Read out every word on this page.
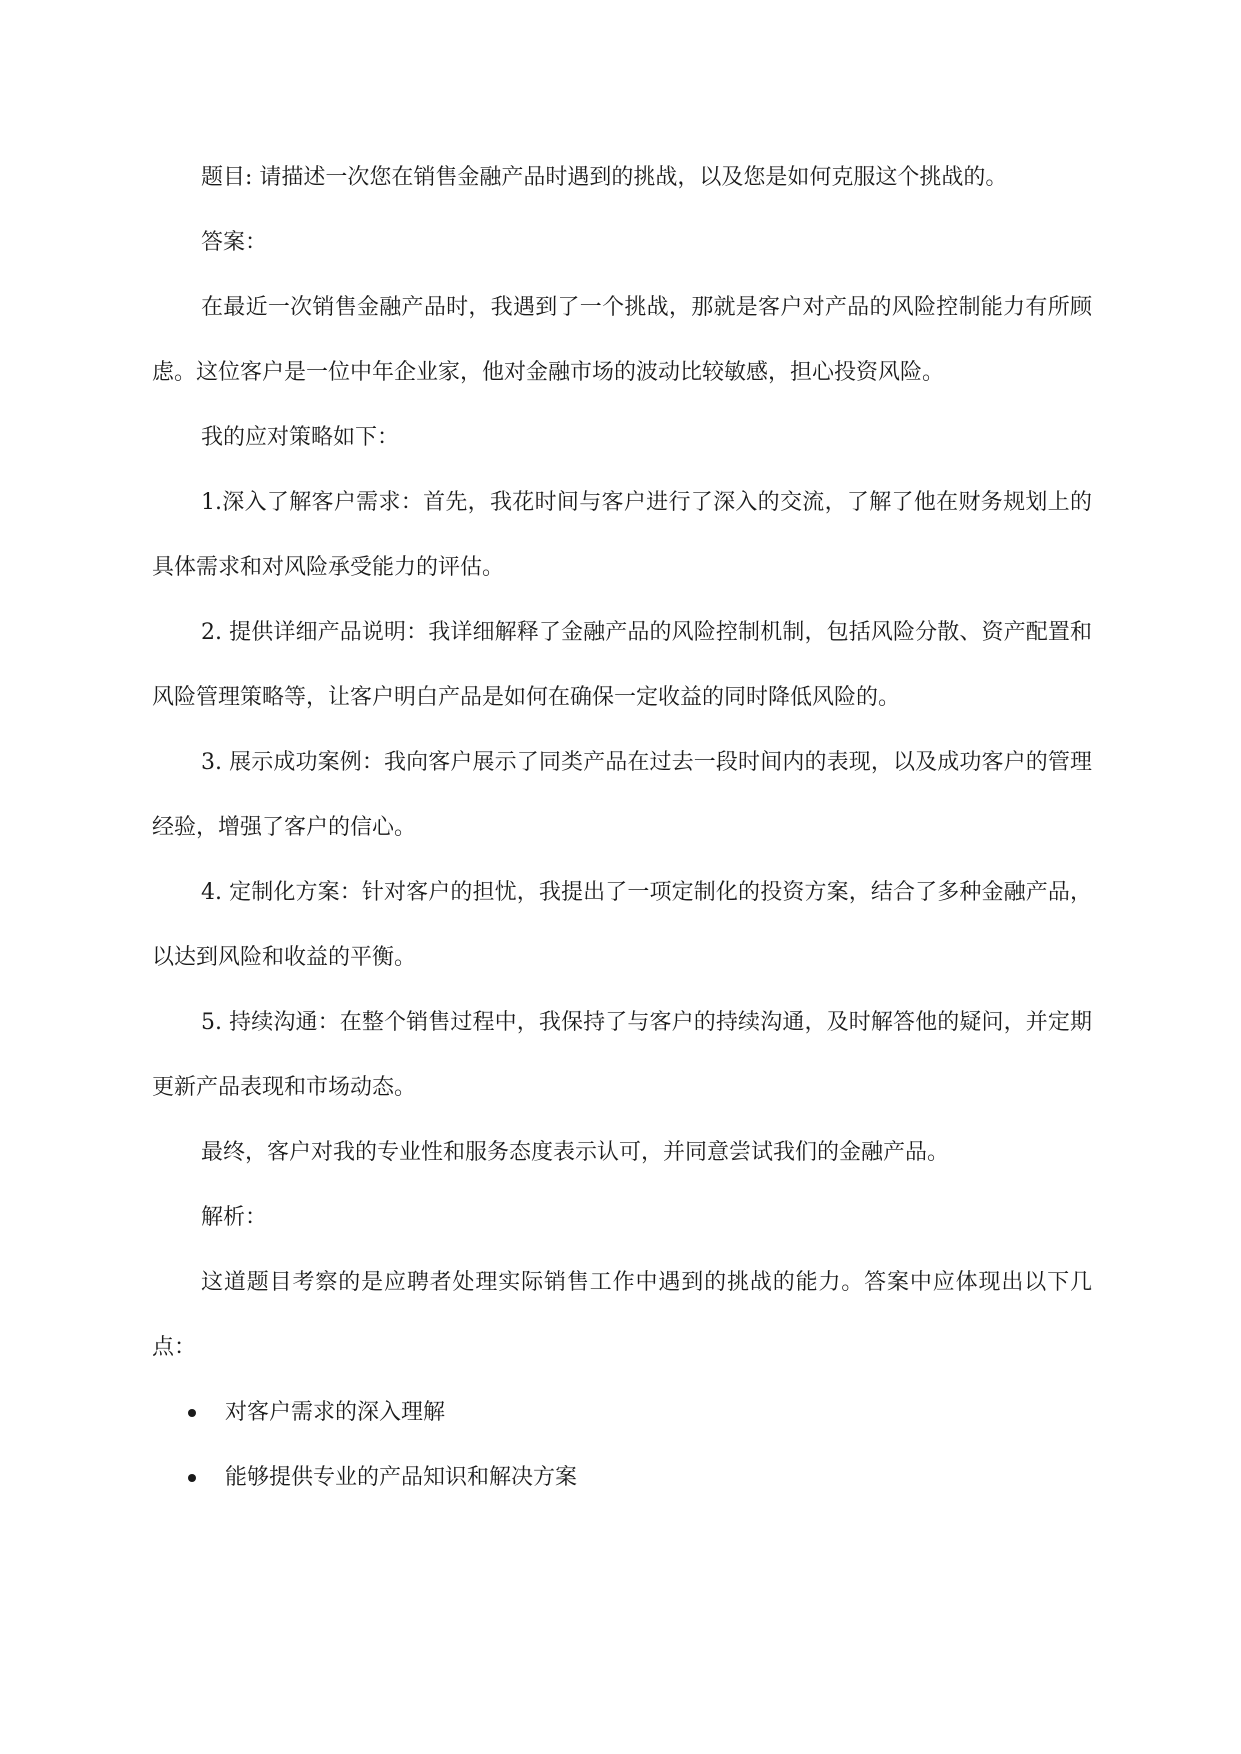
题目: 请描述一次您在销售金融产品时遇到的挑战，以及您是如何克服这个挑战的。

答案：

在最近一次销售金融产品时，我遇到了一个挑战，那就是客户对产品的风险控制能力有所顾虑。这位客户是一位中年企业家，他对金融市场的波动比较敏感，担心投资风险。

我的应对策略如下：

1.深入了解客户需求：首先，我花时间与客户进行了深入的交流，了解了他在财务规划上的具体需求和对风险承受能力的评估。

2. 提供详细产品说明：我详细解释了金融产品的风险控制机制，包括风险分散、资产配置和风险管理策略等，让客户明白产品是如何在确保一定收益的同时降低风险的。

3. 展示成功案例：我向客户展示了同类产品在过去一段时间内的表现，以及成功客户的管理经验，增强了客户的信心。

4. 定制化方案：针对客户的担忧，我提出了一项定制化的投资方案，结合了多种金融产品，以达到风险和收益的平衡。

5. 持续沟通：在整个销售过程中，我保持了与客户的持续沟通，及时解答他的疑问，并定期更新产品表现和市场动态。

最终，客户对我的专业性和服务态度表示认可，并同意尝试我们的金融产品。

解析：

这道题目考察的是应聘者处理实际销售工作中遇到的挑战的能力。答案中应体现出以下几点：

对客户需求的深入理解
能够提供专业的产品知识和解决方案
